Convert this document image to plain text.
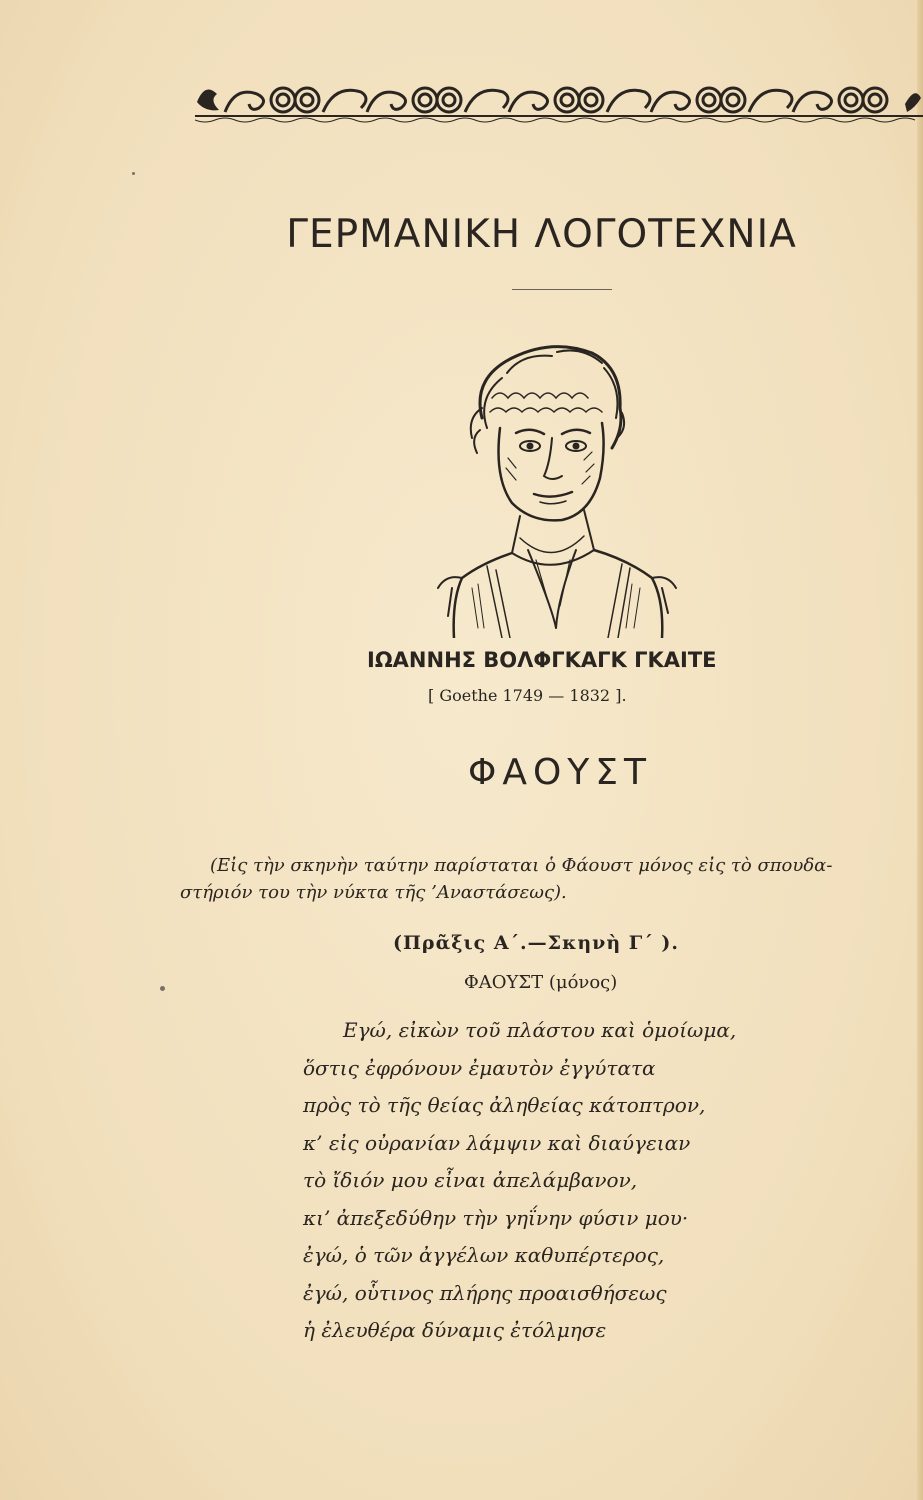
ΓΕΡΜΑΝΙΚΗ ΛΟΓΟΤΕΧΝΙΑ
ΙΩΑΝΝΗΣ ΒΟΛΦΓΚΑΓΚ ΓΚΑΙΤΕ
[ Goethe 1749 — 1832 ].
ΦΑΟΥΣΤ
(Εἰς τὴν σκηνὴν ταύτην παρίσταται ὁ Φάουστ μόνος εἰς τὸ σπουδα-
στήριόν του τὴν νύκτα τῆς ’Αναστάσεως).
(Πρᾶξις Α΄.—Σκηνὴ Γ΄ ).
ΦΑΟΥΣΤ (μόνος)
Εγώ, εἰκὼν τοῦ πλάστου καὶ ὁμοίωμα,
ὅστις ἐφρόνουν ἐμαυτὸν ἐγγύτατα
πρὸς τὸ τῆς θείας ἀληθείας κάτοπτρον,
κ’ εἰς οὐρανίαν λάμψιν καὶ διαύγειαν
τὸ ἴδιόν μου εἶναι ἀπελάμβανον,
κι’ ἀπεξεδύθην τὴν γηΐνην φύσιν μου·
ἐγώ, ὁ τῶν ἀγγέλων καθυπέρτερος,
ἐγώ, οὗτινος πλήρης προαισθήσεως
ἡ ἐλευθέρα δύναμις ἐτόλμησε
